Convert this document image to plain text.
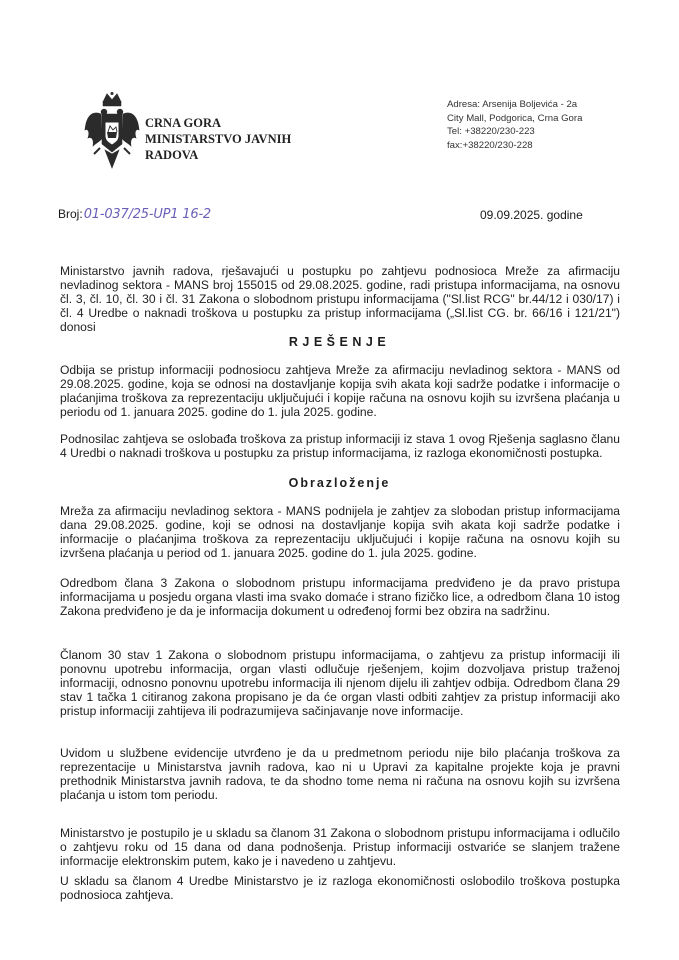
CRNA GORA
MINISTARSTVO JAVNIH
RADOVA
Adresa: Arsenija Boljevića - 2a
City Mall, Podgorica, Crna Gora
Tel: +38220/230-223
fax:+38220/230-228
Broj:01-037/25-UP1 16-2	09.09.2025. godine
Ministarstvo javnih radova, rješavajući u postupku po zahtjevu podnosioca Mreže za afirmaciju nevladinog sektora - MANS broj 155015 od 29.08.2025. godine, radi pristupa informacijama, na osnovu čl. 3, čl. 10, čl. 30 i čl. 31 Zakona o slobodnom pristupu informacijama ("Sl.list RCG" br.44/12 i 030/17) i čl. 4 Uredbe o naknadi troškova u postupku za pristup informacijama („Sl.list CG. br. 66/16 i 121/21") donosi
RJEŠENJE
Odbija se pristup informaciji podnosiocu zahtjeva Mreže za afirmaciju nevladinog sektora - MANS od 29.08.2025. godine, koja se odnosi na dostavljanje kopija svih akata koji sadrže podatke i informacije o plaćanjima troškova za reprezentaciju uključujući i kopije računa na osnovu kojih su izvršena plaćanja u periodu od 1. januara 2025. godine do 1. jula 2025. godine.
Podnosilac zahtjeva se oslobađa troškova za pristup informaciji iz stava 1 ovog Rješenja saglasno članu 4 Uredbi o naknadi troškova u postupku za pristup informacijama, iz razloga ekonomičnosti postupka.
Obrazloženje
Mreža za afirmaciju nevladinog sektora - MANS podnijela je zahtjev za slobodan pristup informacijama dana 29.08.2025. godine, koji se odnosi na dostavljanje kopija svih akata koji sadrže podatke i informacije o plaćanjima troškova za reprezentaciju uključujući i kopije računa na osnovu kojih su izvršena plaćanja u period od 1. januara 2025. godine do 1. jula 2025. godine.
Odredbom člana 3 Zakona o slobodnom pristupu informacijama predviđeno je da pravo pristupa informacijama u posjedu organa vlasti ima svako domaće i strano fizičko lice, a odredbom člana 10 istog Zakona predviđeno je da je informacija dokument u određenoj formi bez obzira na sadržinu.
Članom 30 stav 1 Zakona o slobodnom pristupu informacijama, o zahtjevu za pristup informaciji ili ponovnu upotrebu informacija, organ vlasti odlučuje rješenjem, kojim dozvoljava pristup traženoj informaciji, odnosno ponovnu upotrebu informacija ili njenom dijelu ili zahtjev odbija. Odredbom člana 29 stav 1 tačka 1 citiranog zakona propisano je da će organ vlasti odbiti zahtjev za pristup informaciji ako pristup informaciji zahtijeva ili podrazumijeva sačinjavanje nove informacije.
Uvidom u službene evidencije utvrđeno je da u predmetnom periodu nije bilo plaćanja troškova za reprezentacije u Ministarstva javnih radova, kao ni u Upravi za kapitalne projekte koja je pravni prethodnik Ministarstva javnih radova, te da shodno tome nema ni računa na osnovu kojih su izvršena plaćanja u istom tom periodu.
Ministarstvo je postupilo je u skladu sa članom 31 Zakona o slobodnom pristupu informacijama i odlučilo o zahtjevu roku od 15 dana od dana podnošenja. Pristup informaciji ostvariće se slanjem tražene informacije elektronskim putem, kako je i navedeno u zahtjevu.
U skladu sa članom 4 Uredbe Ministarstvo je iz razloga ekonomičnosti oslobodilo troškova postupka podnosioca zahtjeva.
